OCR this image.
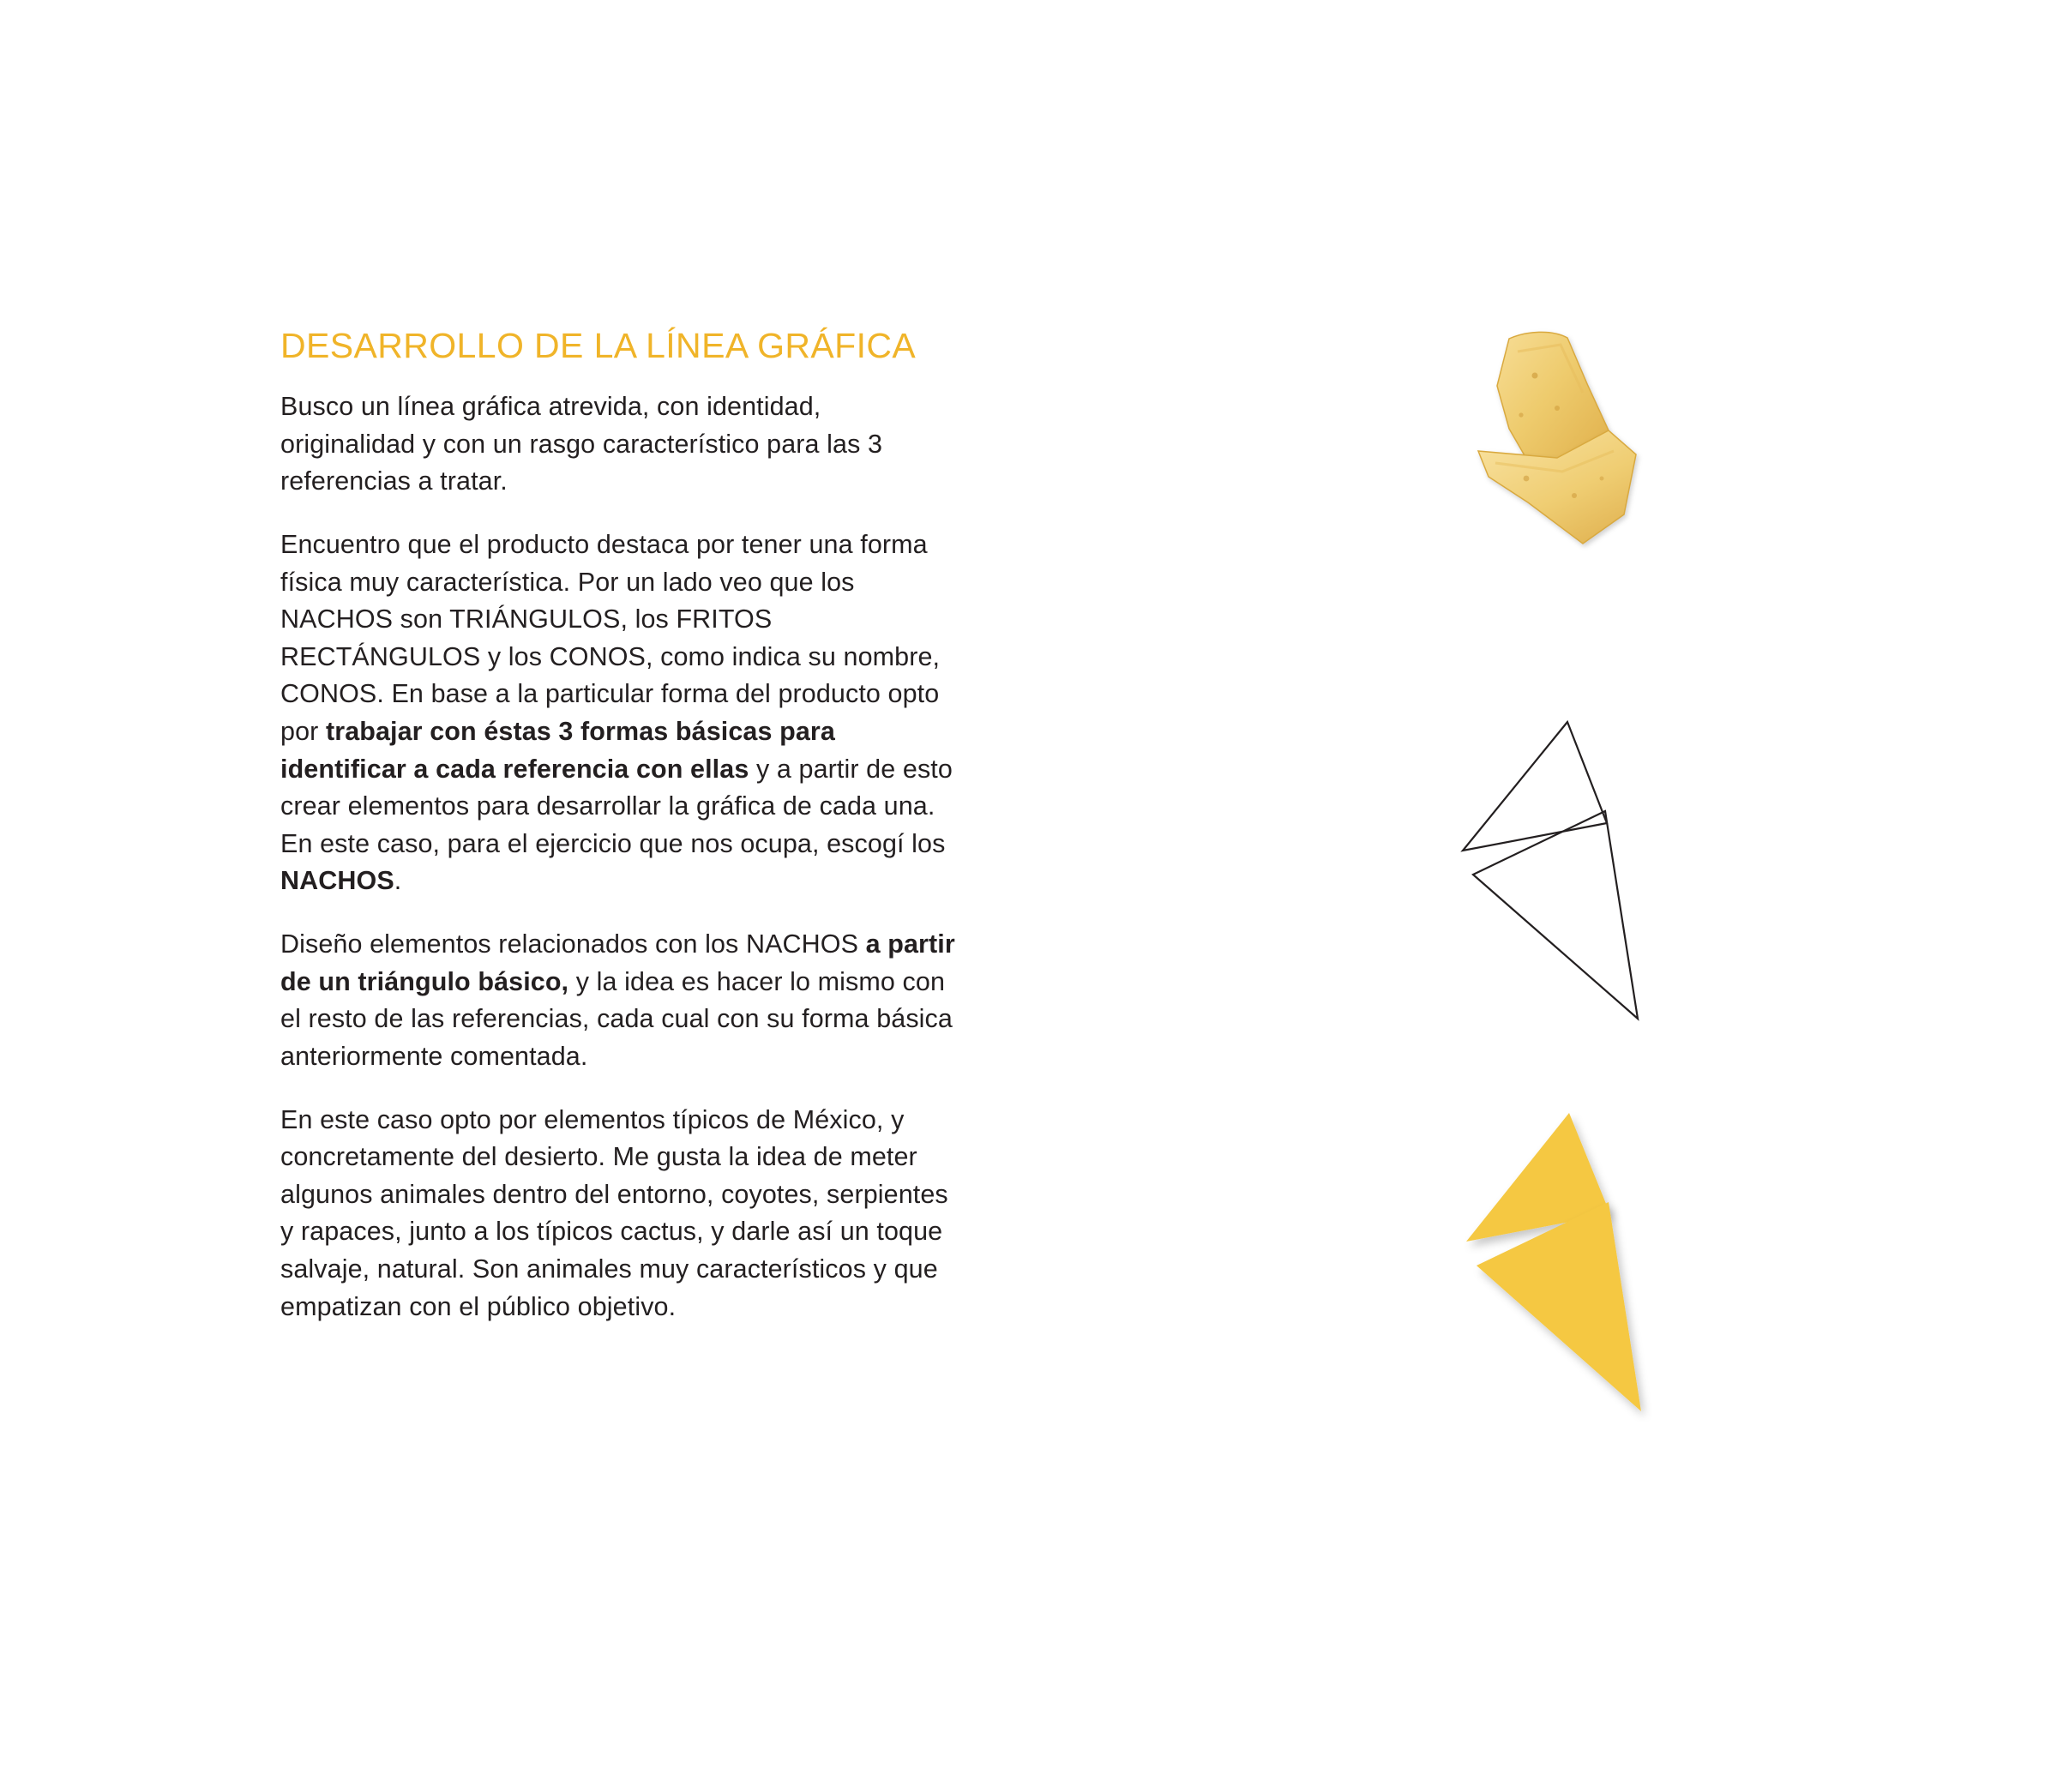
DESARROLLO DE LA LÍNEA GRÁFICA

Busco un línea gráfica atrevida, con identidad, originalidad y con un rasgo característico para las 3 referencias a tratar.

Encuentro que el producto destaca por tener una forma física muy característica. Por un lado veo que los NACHOS son TRIÁNGULOS, los FRITOS RECTÁNGULOS y los CONOS, como indica su nombre, CONOS. En base a la particular forma del producto opto por trabajar con éstas 3 formas básicas para identificar a cada referencia con ellas y a partir de esto crear elementos para desarrollar la gráfica de cada una. En este caso, para el ejercicio que nos ocupa, escogí los NACHOS.

Diseño elementos relacionados con los NACHOS a partir de un triángulo básico, y la idea es hacer lo mismo con el resto de las referencias, cada cual con su forma básica anteriormente comentada.

En este caso opto por elementos típicos de México, y concretamente del desierto. Me gusta la idea de meter algunos animales dentro del entorno, coyotes, serpientes y rapaces, junto a los típicos cactus, y darle así un toque salvaje, natural. Son animales muy característicos y que empatizan con el público objetivo.
